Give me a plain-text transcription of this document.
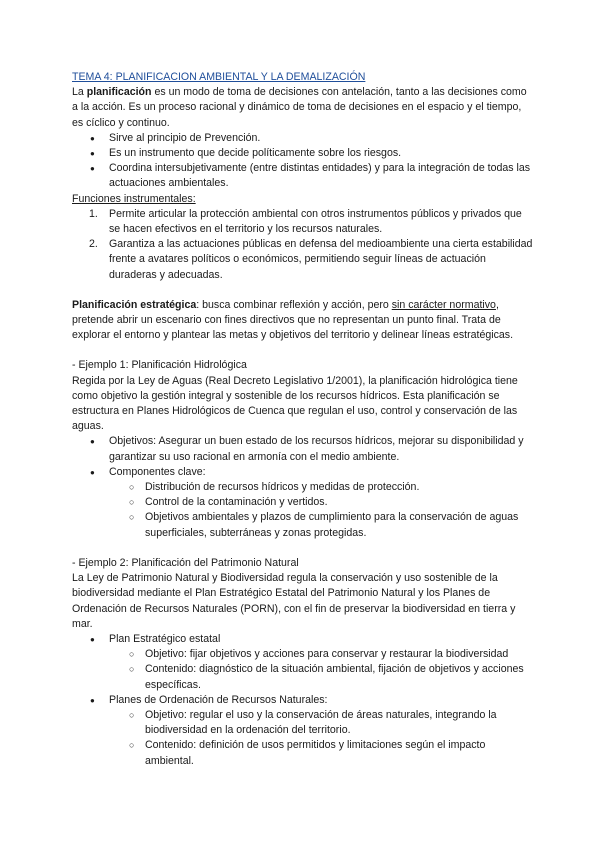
TEMA 4: PLANIFICACION AMBIENTAL Y LA DEMALIZACIÓN

La planificación es un modo de toma de decisiones con antelación, tanto a las decisiones como a la acción. Es un proceso racional y dinámico de toma de decisiones en el espacio y el tiempo, es cíclico y continuo.

● Sirve al principio de Prevención.
● Es un instrumento que decide políticamente sobre los riesgos.
● Coordina intersubjetivamente (entre distintas entidades) y para la integración de todas las actuaciones ambientales.

Funciones instrumentales:

1. Permite articular la protección ambiental con otros instrumentos públicos y privados que se hacen efectivos en el territorio y los recursos naturales.
2. Garantiza a las actuaciones públicas en defensa del medioambiente una cierta estabilidad frente a avatares políticos o económicos, permitiendo seguir líneas de actuación duraderas y adecuadas.

Planificación estratégica: busca combinar reflexión y acción, pero sin carácter normativo, pretende abrir un escenario con fines directivos que no representan un punto final. Trata de explorar el entorno y plantear las metas y objetivos del territorio y delinear líneas estratégicas.

- Ejemplo 1: Planificación Hidrológica

Regida por la Ley de Aguas (Real Decreto Legislativo 1/2001), la planificación hidrológica tiene como objetivo la gestión integral y sostenible de los recursos hídricos. Esta planificación se estructura en Planes Hidrológicos de Cuenca que regulan el uso, control y conservación de las aguas.

● Objetivos: Asegurar un buen estado de los recursos hídricos, mejorar su disponibilidad y garantizar su uso racional en armonía con el medio ambiente.
● Componentes clave:
○ Distribución de recursos hídricos y medidas de protección.
○ Control de la contaminación y vertidos.
○ Objetivos ambientales y plazos de cumplimiento para la conservación de aguas superficiales, subterráneas y zonas protegidas.

- Ejemplo 2: Planificación del Patrimonio Natural

La Ley de Patrimonio Natural y Biodiversidad regula la conservación y uso sostenible de la biodiversidad mediante el Plan Estratégico Estatal del Patrimonio Natural y los Planes de Ordenación de Recursos Naturales (PORN), con el fin de preservar la biodiversidad en tierra y mar.

● Plan Estratégico estatal
○ Objetivo: fijar objetivos y acciones para conservar y restaurar la biodiversidad
○ Contenido: diagnóstico de la situación ambiental, fijación de objetivos y acciones específicas.
● Planes de Ordenación de Recursos Naturales:
○ Objetivo: regular el uso y la conservación de áreas naturales, integrando la biodiversidad en la ordenación del territorio.
○ Contenido: definición de usos permitidos y limitaciones según el impacto ambiental.
